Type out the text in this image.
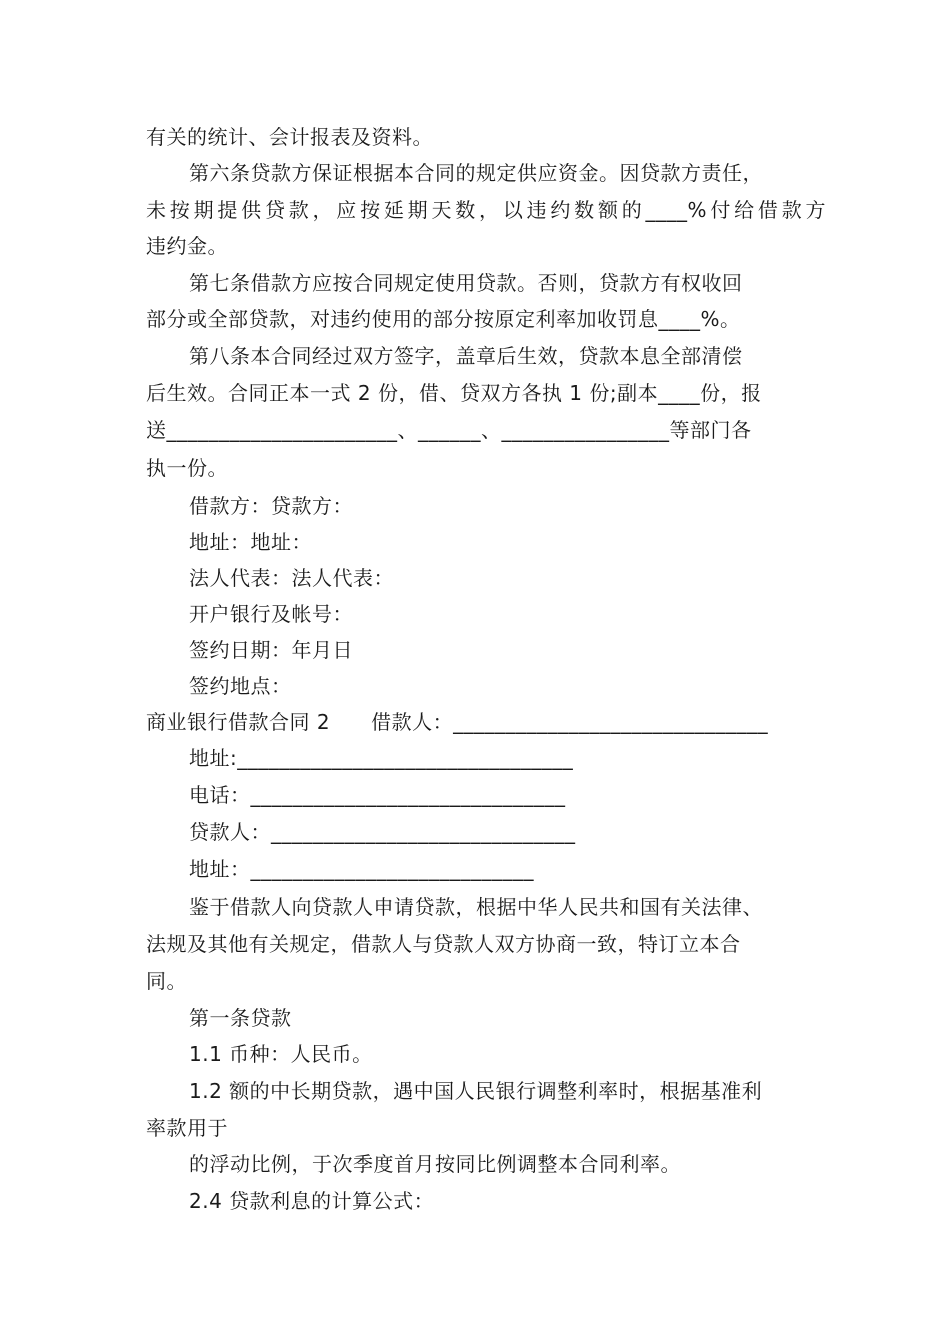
有关的统计、会计报表及资料。
第六条贷款方保证根据本合同的规定供应资金。因贷款方责任，
未按期提供贷款，应按延期天数，以违约数额的____%付给借款方
违约金。
第七条借款方应按合同规定使用贷款。否则，贷款方有权收回
部分或全部贷款，对违约使用的部分按原定利率加收罚息____%。
第八条本合同经过双方签字，盖章后生效，贷款本息全部清偿
后生效。合同正本一式 2 份，借、贷双方各执 1 份;副本____份，报
送______________________、______、________________等部门各
执一份。
借款方：贷款方：
地址：地址：
法人代表：法人代表：
开户银行及帐号：
签约日期：年月日
签约地点：
商业银行借款合同 2　　借款人：______________________________
地址:________________________________
电话：______________________________
贷款人：_____________________________
地址：___________________________
鉴于借款人向贷款人申请贷款，根据中华人民共和国有关法律、
法规及其他有关规定，借款人与贷款人双方协商一致，特订立本合
同。
第一条贷款
1.1 币种：人民币。
1.2 额的中长期贷款，遇中国人民银行调整利率时，根据基准利
率款用于
的浮动比例，于次季度首月按同比例调整本合同利率。
2.4 贷款利息的计算公式：
